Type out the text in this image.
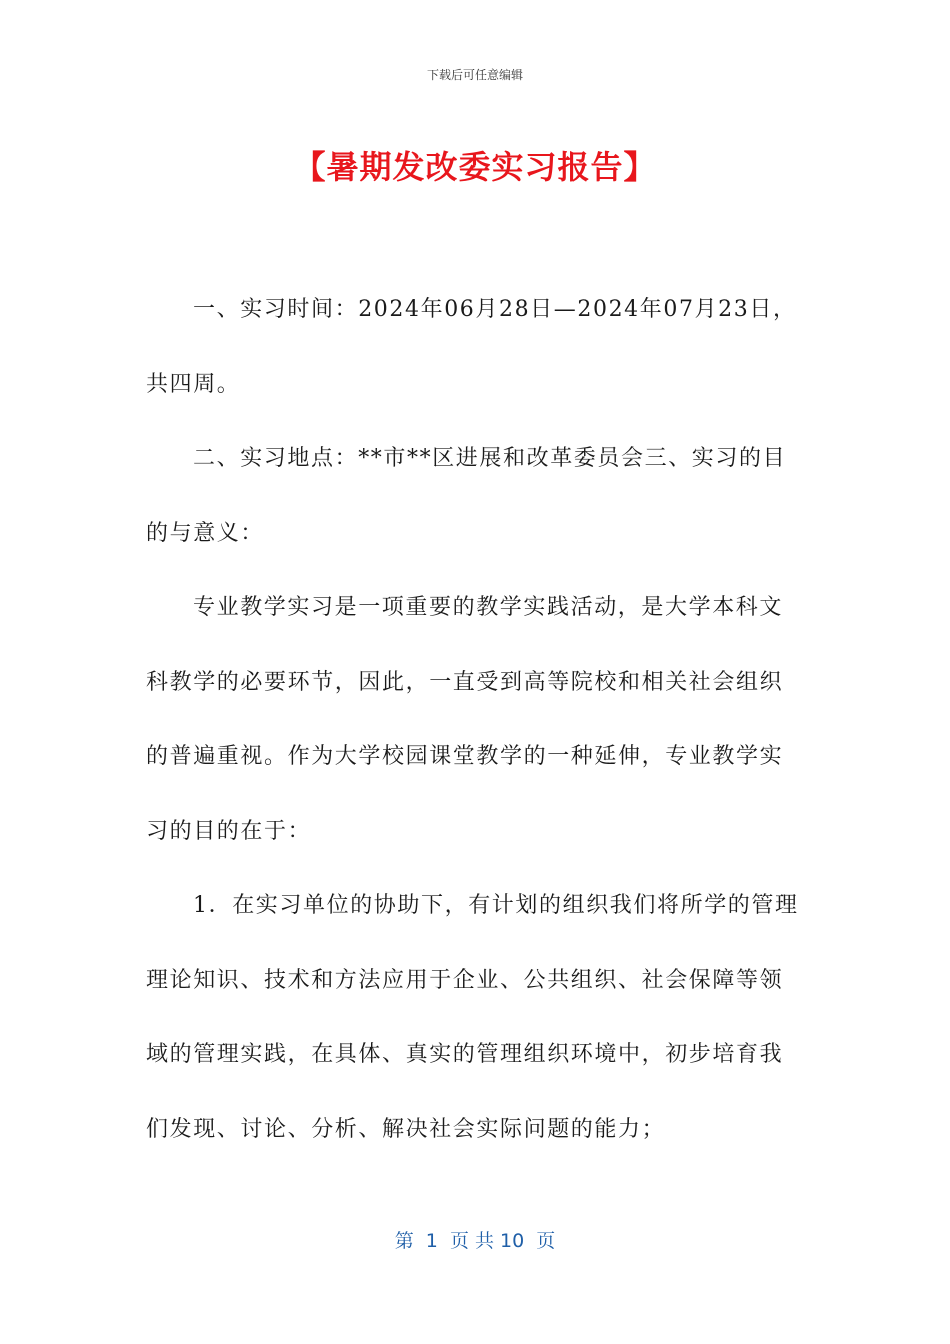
下载后可任意编辑
【暑期发改委实习报告】

一、实习时间：2024年06月28日—2024年07月23日，共四周。

二、实习地点：**市**区进展和改革委员会三、实习的目的与意义：

专业教学实习是一项重要的教学实践活动，是大学本科文科教学的必要环节，因此，一直受到高等院校和相关社会组织的普遍重视。作为大学校园课堂教学的一种延伸，专业教学实习的目的在于：

1．在实习单位的协助下，有计划的组织我们将所学的管理理论知识、技术和方法应用于企业、公共组织、社会保障等领域的管理实践，在具体、真实的管理组织环境中，初步培育我们发现、讨论、分析、解决社会实际问题的能力；

第  1  页 共 10  页
